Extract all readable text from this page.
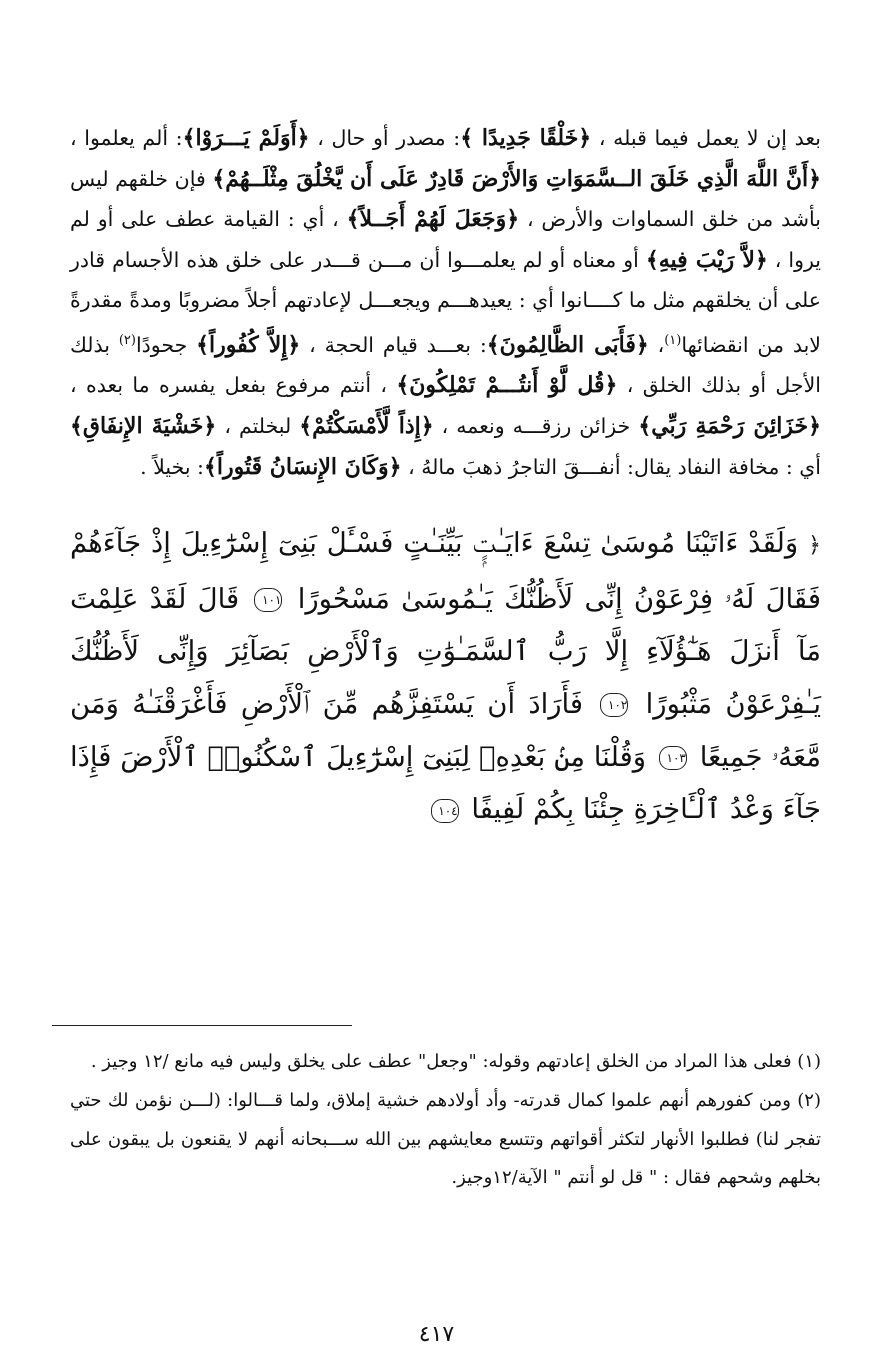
بعد إن لا يعمل فيما قبله ، ﴿خَلْقًا جَدِيدًا ﴾: مصدر أو حال ، ﴿أَوَلَمْ يَـــرَوْا﴾: ألم يعلموا ، ﴿أَنَّ اللَّهَ الَّذِي خَلَقَ الــسَّمَوَاتِ وَالأَرْضَ قَادِرٌ عَلَى أَن يَّخْلُقَ مِثْلَــهُمْ﴾ فإن خلقهم ليس بأشد من خلق السماوات والأرض ، ﴿وَجَعَلَ لَهُمْ أَجَــلاً﴾ ، أي : القيامة عطف على أو لم يروا ، ﴿لاَّ رَيْبَ فِيهِ﴾ أو معناه أو لم يعلمـــوا أن مـــن قـــدر على خلق هذه الأجسام قادر على أن يخلقهم مثل ما كــــانوا أي : يعيدهـــم ويجعـــل لإعادتهم أجلاً مضروبًا ومدةً مقدرةً لابد من انقضائها$^{(١)}$، ﴿فَأَبَى الظَّالِمُونَ﴾: بعـــد قيام الحجة ، ﴿إِلاَّ كُفُوراً﴾ جحودًا$^{(٢)}$ بذلك الأجل أو بذلك الخلق ، ﴿قُل لَّوْ أَنتُـــمْ تَمْلِكُونَ﴾ ، أنتم مرفوع بفعل يفسره ما بعده ، ﴿خَزَائِنَ رَحْمَةِ رَبِّي﴾ خزائن رزقـــه ونعمه ، ﴿إِذاً لَّأَمْسَكْتُمْ﴾ لبخلتم ، ﴿خَشْيَةَ الإِنفَاقِ﴾ أي : مخافة النفاد يقال: أنفـــقَ التاجرُ ذهبَ مالهُ ، ﴿وَكَانَ الإِنسَانُ قَتُوراً﴾: بخيلاً .

﴿ وَلَقَدْ ءَاتَيْنَا مُوسَىٰ تِسْعَ ءَايَـٰتٍۭ بَيِّنَـٰتٍ فَسْـَٔلْ بَنِىٓ إِسْرَٰٓءِيلَ إِذْ جَآءَهُمْ فَقَالَ لَهُۥ فِرْعَوْنُ إِنِّى لَأَظُنُّكَ يَـٰمُوسَىٰ مَسْحُورًا ١٠١ قَالَ لَقَدْ عَلِمْتَ مَآ أَنزَلَ هَـٰٓؤُلَآءِ إِلَّا رَبُّ ٱلسَّمَـٰوَٰتِ وَٱلْأَرْضِ بَصَآئِرَ وَإِنِّى لَأَظُنُّكَ يَـٰفِرْعَوْنُ مَثْبُورًا ١٠٢ فَأَرَادَ أَن يَسْتَفِزَّهُم مِّنَ ٱلْأَرْضِ فَأَغْرَقْنَـٰهُ وَمَن مَّعَهُۥ جَمِيعًا ١٠٣ وَقُلْنَا مِنۢ بَعْدِهِۦ لِبَنِىٓ إِسْرَٰٓءِيلَ ٱسْكُنُوا۟ ٱلْأَرْضَ فَإِذَا جَآءَ وَعْدُ ٱلْـَٔاخِرَةِ جِئْنَا بِكُمْ لَفِيفًا ١٠٤

(١) فعلى هذا المراد من الخلق إعادتهم وقوله: "وجعل" عطف على يخلق وليس فيه مانع /١٢ وجيز .

(٢) ومن كفورهم أنهم علموا كمال قدرته- وأد أولادهم خشية إملاق، ولما قـــالوا: (لـــن نؤمن لك حتي تفجر لنا) فطلبوا الأنهار لتكثر أقواتهم وتتسع معايشهم بين الله ســـبحانه أنهم لا يقنعون بل يبقون على بخلهم وشحهم فقال : " قل لو أنتم " الآية/١٢وجيز.

٤١٧
